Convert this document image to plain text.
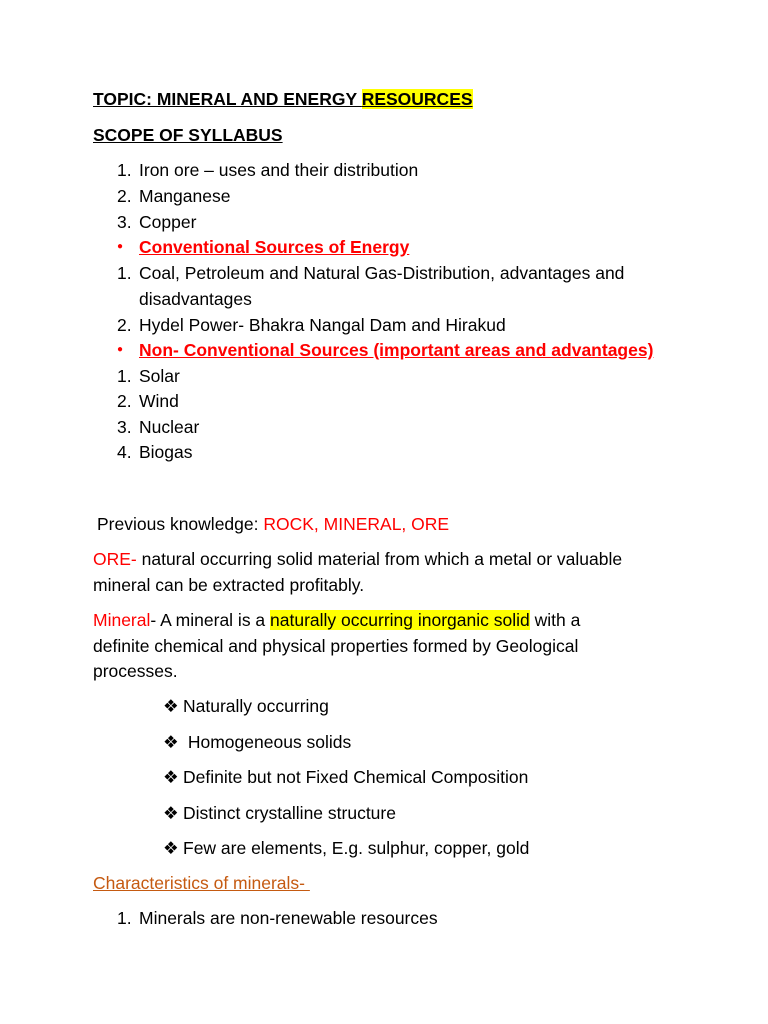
TOPIC: MINERAL AND ENERGY RESOURCES
SCOPE OF SYLLABUS
1. Iron ore – uses and their distribution
2. Manganese
3. Copper
● Conventional Sources of Energy
1. Coal, Petroleum and Natural Gas-Distribution, advantages and
disadvantages
2. Hydel Power- Bhakra Nangal Dam and Hirakud
● Non- Conventional Sources (important areas and advantages)
1. Solar
2. Wind
3. Nuclear
4. Biogas
Previous knowledge: ROCK, MINERAL, ORE
ORE- natural occurring solid material from which a metal or valuable
mineral can be extracted profitably.
Mineral- A mineral is a naturally occurring inorganic solid with a
definite chemical and physical properties formed by Geological
processes.
❖ Naturally occurring
❖ Homogeneous solids
❖ Definite but not Fixed Chemical Composition
❖ Distinct crystalline structure
❖ Few are elements, E.g. sulphur, copper, gold
Characteristics of minerals-
1. Minerals are non-renewable resources
